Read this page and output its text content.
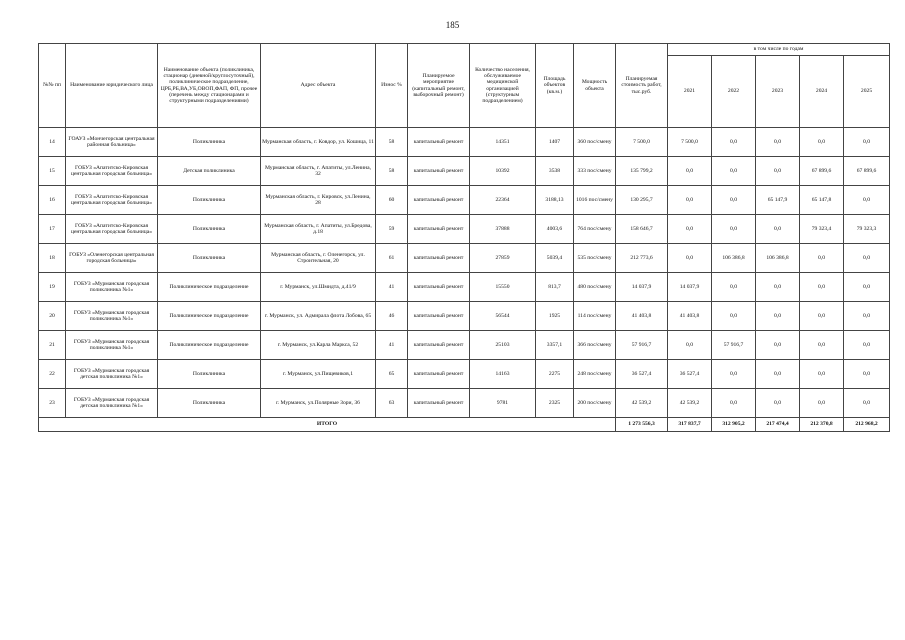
185
№№ пп	Наименование юридического лица	Наименование объекта (поликлиника, стационар (дневной/круглосуточный), поликлиническое подразделение, ЦРБ,РБ,ВА,УБ,ОВОП,ФАП, ФП, прочее (перечень между стационарами и структурными подразделениями)	Адрес объекта	Износ %	Планируемое мероприятие (капитальный ремонт, выборочный ремонт)	Количество населения, обслуживаемое медицинской организацией (структурным подразделением)	Площадь объектов (кв.м.)	Мощность объекта	Планируемая стоимость работ, тыс.руб.	в том числе по годам				
										2021	2022	2023	2024	2025
14	ГОАУЗ «Мончегорская центральная районная больница»	Поликлиника	Мурманская область, г. Ковдор, ул. Кошица, 11	58	капитальный ремонт	14351	1407	360 пос/смену	7 500,0	7 500,0	0,0	0,0	0,0	0,0
15	ГОБУЗ «Апатитско-Кировская центральная городская больница»	Детская поликлиника	Мурманская область, г. Апатиты, ул.Ленина, 32	58	капитальный ремонт	10392	3538	333 пос/смену	135 799,2	0,0	0,0	0,0	67 899,6	67 899,6
16	ГОБУЗ «Апатитско-Кировская центральная городская больница»	Поликлиника	Мурманская область, г. Кировск, ул.Ленина, 28	60	капитальный ремонт	22364	3188,13	1016 пос/смену	130 295,7	0,0	0,0	65 147,9	65 147,8	0,0
17	ГОБУЗ «Апатитско-Кировская центральная городская больница»	Поликлиника	Мурманская область, г. Апатиты, ул.Бредова, д.18	59	капитальный ремонт	37888	4003,6	764 пос/смену	158 646,7	0,0	0,0	0,0	79 323,4	79 323,3
18	ГОБУЗ «Оленегорская центральная городская больница»	Поликлиника	Мурманская область, г. Оленегорск, ул. Строительная, 20	61	капитальный ремонт	27859	5039,4	535 пос/смену	212 773,6	0,0	106 386,8	106 386,8	0,0	0,0
19	ГОБУЗ «Мурманская городская поликлиника №1»	Поликлиническое подразделение	г. Мурманск, ул.Шмидта, д.41/9	41	капитальный ремонт	15550	813,7	480 пос/смену	14 037,9	14 037,9	0,0	0,0	0,0	0,0
20	ГОБУЗ «Мурманская городская поликлиника №1»	Поликлиническое подразделение	г. Мурманск, ул. Адмирала флота Лобова, 65	46	капитальный ремонт	56544	1925	114 пос/смену	41 403,8	41 403,8	0,0	0,0	0,0	0,0
21	ГОБУЗ «Мурманская городская поликлиника №1»	Поликлиническое подразделение	г. Мурманск, ул.Карла Маркса, 52	41	капитальный ремонт	25103	3357,1	366 пос/смену	57 916,7	0,0	57 916,7	0,0	0,0	0,0
22	ГОБУЗ «Мурманская городская детская поликлиника №1»	Поликлиника	г. Мурманск, ул.Пищевиков,1	65	капитальный ремонт	14163	2275	248 пос/смену	36 527,4	36 527,4	0,0	0,0	0,0	0,0
23	ГОБУЗ «Мурманская городская детская поликлиника №1»	Поликлиника	г. Мурманск, ул.Полярные Зори, 36	63	капитальный ремонт	9781	2325	200 пос/смену	42 539,2	42 539,2	0,0	0,0	0,0	0,0
ИТОГО									1 273 556,3	317 837,7	312 905,2	217 474,4	212 370,8	212 968,2
